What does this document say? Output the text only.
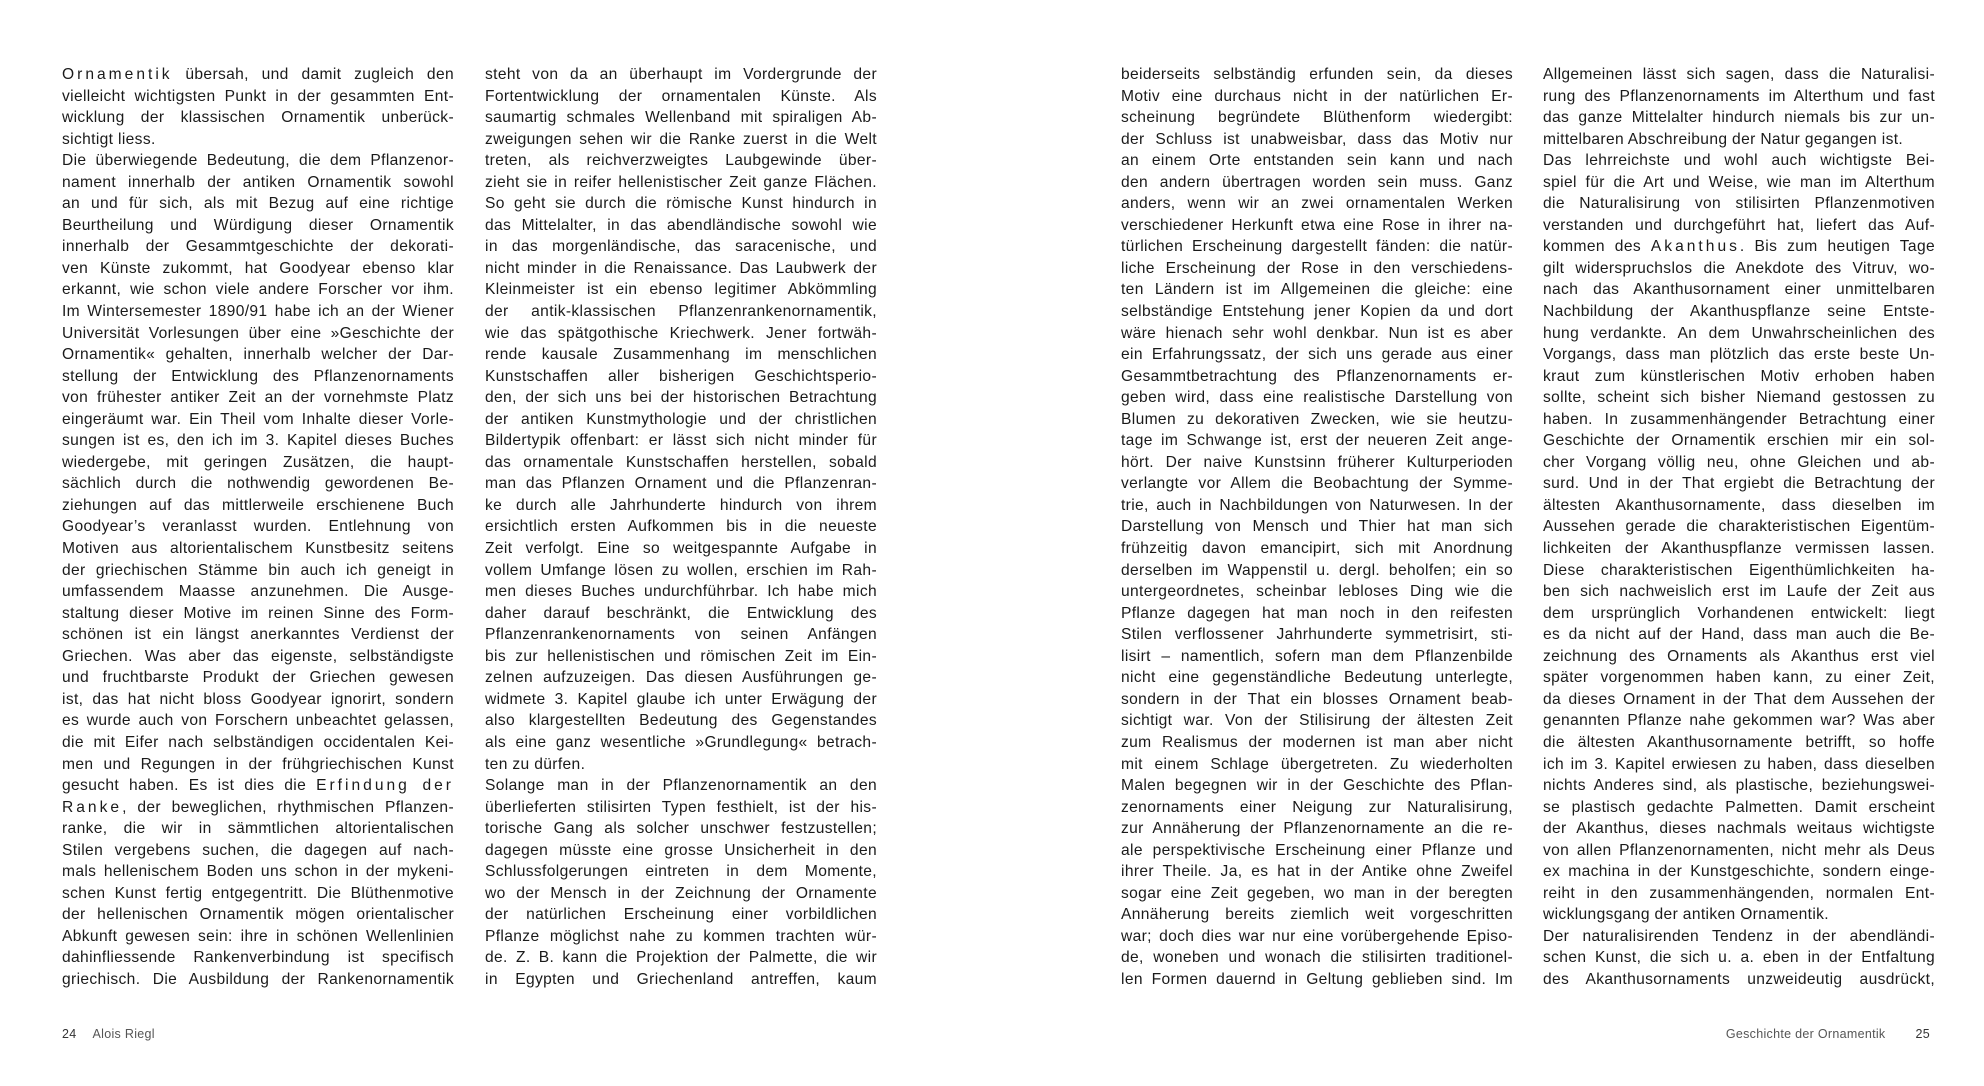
Ornamentik übersah, und damit zugleich den

vielleicht wichtigsten Punkt in der gesammten Ent-

wicklung der klassischen Ornamentik unberück-

sichtigt liess.

Die überwiegende Bedeutung, die dem Pflanzenor-

nament innerhalb der antiken Ornamentik sowohl

an und für sich, als mit Bezug auf eine richtige

Beurtheilung und Würdigung dieser Ornamentik

innerhalb der Gesammtgeschichte der dekorati-

ven Künste zukommt, hat Goodyear ebenso klar

erkannt, wie schon viele andere Forscher vor ihm.

Im Wintersemester 1890/91 habe ich an der Wiener

Universität Vorlesungen über eine »Geschichte der

Ornamentik« gehalten, innerhalb welcher der Dar-

stellung der Entwicklung des Pflanzenornaments

von frühester antiker Zeit an der vornehmste Platz

eingeräumt war. Ein Theil vom Inhalte dieser Vorle-

sungen ist es, den ich im 3. Kapitel dieses Buches

wiedergebe, mit geringen Zusätzen, die haupt-

sächlich durch die nothwendig gewordenen Be-

ziehungen auf das mittlerweile erschienene Buch

Goodyear’s veranlasst wurden. Entlehnung von

Motiven aus altorientalischem Kunstbesitz seitens

der griechischen Stämme bin auch ich geneigt in

umfassendem Maasse anzunehmen. Die Ausge-

staltung dieser Motive im reinen Sinne des Form-

schönen ist ein längst anerkanntes Verdienst der

Griechen. Was aber das eigenste, selbständigste

und fruchtbarste Produkt der Griechen gewesen

ist, das hat nicht bloss Goodyear ignorirt, sondern

es wurde auch von Forschern unbeachtet gelassen,

die mit Eifer nach selbständigen occidentalen Kei-

men und Regungen in der frühgriechischen Kunst

gesucht haben. Es ist dies die Erfindung der

Ranke, der beweglichen, rhythmischen Pflanzen-

ranke, die wir in sämmtlichen altorientalischen

Stilen vergebens suchen, die dagegen auf nach-

mals hellenischem Boden uns schon in der mykeni-

schen Kunst fertig entgegentritt. Die Blüthenmotive

der hellenischen Ornamentik mögen orientalischer

Abkunft gewesen sein: ihre in schönen Wellenlinien

dahinfliessende Rankenverbindung ist specifisch

griechisch. Die Ausbildung der Rankenornamentik

steht von da an überhaupt im Vordergrunde der

Fortentwicklung der ornamentalen Künste. Als

saumartig schmales Wellenband mit spiraligen Ab-

zweigungen sehen wir die Ranke zuerst in die Welt

treten, als reichverzweigtes Laubgewinde über-

zieht sie in reifer hellenistischer Zeit ganze Flächen.

So geht sie durch die römische Kunst hindurch in

das Mittelalter, in das abendländische sowohl wie

in das morgenländische, das saracenische, und

nicht minder in die Renaissance. Das Laubwerk der

Kleinmeister ist ein ebenso legitimer Abkömmling

der antik-klassischen Pflanzenrankenornamentik,

wie das spätgothische Kriechwerk. Jener fortwäh-

rende kausale Zusammenhang im menschlichen

Kunstschaffen aller bisherigen Geschichtsperio-

den, der sich uns bei der historischen Betrachtung

der antiken Kunstmythologie und der christlichen

Bildertypik offenbart: er lässt sich nicht minder für

das ornamentale Kunstschaffen herstellen, sobald

man das Pflanzen Ornament und die Pflanzenran-

ke durch alle Jahrhunderte hindurch von ihrem

ersichtlich ersten Aufkommen bis in die neueste

Zeit verfolgt. Eine so weitgespannte Aufgabe in

vollem Umfange lösen zu wollen, erschien im Rah-

men dieses Buches undurchführbar. Ich habe mich

daher darauf beschränkt, die Entwicklung des

Pflanzenrankenornaments von seinen Anfängen

bis zur hellenistischen und römischen Zeit im Ein-

zelnen aufzuzeigen. Das diesen Ausführungen ge-

widmete 3. Kapitel glaube ich unter Erwägung der

also klargestellten Bedeutung des Gegenstandes

als eine ganz wesentliche »Grundlegung« betrach-

ten zu dürfen.

Solange man in der Pflanzenornamentik an den

überlieferten stilisirten Typen festhielt, ist der his-

torische Gang als solcher unschwer festzustellen;

dagegen müsste eine grosse Unsicherheit in den

Schlussfolgerungen eintreten in dem Momente,

wo der Mensch in der Zeichnung der Ornamente

der natürlichen Erscheinung einer vorbildlichen

Pflanze möglichst nahe zu kommen trachten wür-

de. Z. B. kann die Projektion der Palmette, die wir

in Egypten und Griechenland antreffen, kaum

beiderseits selbständig erfunden sein, da dieses

Motiv eine durchaus nicht in der natürlichen Er-

scheinung begründete Blüthenform wiedergibt:

der Schluss ist unabweisbar, dass das Motiv nur

an einem Orte entstanden sein kann und nach

den andern übertragen worden sein muss. Ganz

anders, wenn wir an zwei ornamentalen Werken

verschiedener Herkunft etwa eine Rose in ihrer na-

türlichen Erscheinung dargestellt fänden: die natür-

liche Erscheinung der Rose in den verschiedens-

ten Ländern ist im Allgemeinen die gleiche: eine

selbständige Entstehung jener Kopien da und dort

wäre hienach sehr wohl denkbar. Nun ist es aber

ein Erfahrungssatz, der sich uns gerade aus einer

Gesammtbetrachtung des Pflanzenornaments er-

geben wird, dass eine realistische Darstellung von

Blumen zu dekorativen Zwecken, wie sie heutzu-

tage im Schwange ist, erst der neueren Zeit ange-

hört. Der naive Kunstsinn früherer Kulturperioden

verlangte vor Allem die Beobachtung der Symme-

trie, auch in Nachbildungen von Naturwesen. In der

Darstellung von Mensch und Thier hat man sich

frühzeitig davon emancipirt, sich mit Anordnung

derselben im Wappenstil u. dergl. beholfen; ein so

untergeordnetes, scheinbar lebloses Ding wie die

Pflanze dagegen hat man noch in den reifesten

Stilen verflossener Jahrhunderte symmetrisirt, sti-

lisirt – namentlich, sofern man dem Pflanzenbilde

nicht eine gegenständliche Bedeutung unterlegte,

sondern in der That ein blosses Ornament beab-

sichtigt war. Von der Stilisirung der ältesten Zeit

zum Realismus der modernen ist man aber nicht

mit einem Schlage übergetreten. Zu wiederholten

Malen begegnen wir in der Geschichte des Pflan-

zenornaments einer Neigung zur Naturalisirung,

zur Annäherung der Pflanzenornamente an die re-

ale perspektivische Erscheinung einer Pflanze und

ihrer Theile. Ja, es hat in der Antike ohne Zweifel

sogar eine Zeit gegeben, wo man in der beregten

Annäherung bereits ziemlich weit vorgeschritten

war; doch dies war nur eine vorübergehende Episo-

de, woneben und wonach die stilisirten traditionel-

len Formen dauernd in Geltung geblieben sind. Im

Allgemeinen lässt sich sagen, dass die Naturalisi-

rung des Pflanzenornaments im Alterthum und fast

das ganze Mittelalter hindurch niemals bis zur un-

mittelbaren Abschreibung der Natur gegangen ist.

Das lehrreichste und wohl auch wichtigste Bei-

spiel für die Art und Weise, wie man im Alterthum

die Naturalisirung von stilisirten Pflanzenmotiven

verstanden und durchgeführt hat, liefert das Auf-

kommen des Akanthus. Bis zum heutigen Tage

gilt widerspruchslos die Anekdote des Vitruv, wo-

nach das Akanthusornament einer unmittelbaren

Nachbildung der Akanthuspflanze seine Entste-

hung verdankte. An dem Unwahrscheinlichen des

Vorgangs, dass man plötzlich das erste beste Un-

kraut zum künstlerischen Motiv erhoben haben

sollte, scheint sich bisher Niemand gestossen zu

haben. In zusammenhängender Betrachtung einer

Geschichte der Ornamentik erschien mir ein sol-

cher Vorgang völlig neu, ohne Gleichen und ab-

surd. Und in der That ergiebt die Betrachtung der

ältesten Akanthusornamente, dass dieselben im

Aussehen gerade die charakteristischen Eigentüm-

lichkeiten der Akanthuspflanze vermissen lassen.

Diese charakteristischen Eigenthümlichkeiten ha-

ben sich nachweislich erst im Laufe der Zeit aus

dem ursprünglich Vorhandenen entwickelt: liegt

es da nicht auf der Hand, dass man auch die Be-

zeichnung des Ornaments als Akanthus erst viel

später vorgenommen haben kann, zu einer Zeit,

da dieses Ornament in der That dem Aussehen der

genannten Pflanze nahe gekommen war? Was aber

die ältesten Akanthusornamente betrifft, so hoffe

ich im 3. Kapitel erwiesen zu haben, dass dieselben

nichts Anderes sind, als plastische, beziehungswei-

se plastisch gedachte Palmetten. Damit erscheint

der Akanthus, dieses nachmals weitaus wichtigste

von allen Pflanzenornamenten, nicht mehr als Deus

ex machina in der Kunstgeschichte, sondern einge-

reiht in den zusammenhängenden, normalen Ent-

wicklungsgang der antiken Ornamentik.

Der naturalisirenden Tendenz in der abendländi-

schen Kunst, die sich u. a. eben in der Entfaltung

des Akanthusornaments unzweideutig ausdrückt,

24 Alois Riegl	Geschichte der Ornamentik 25
